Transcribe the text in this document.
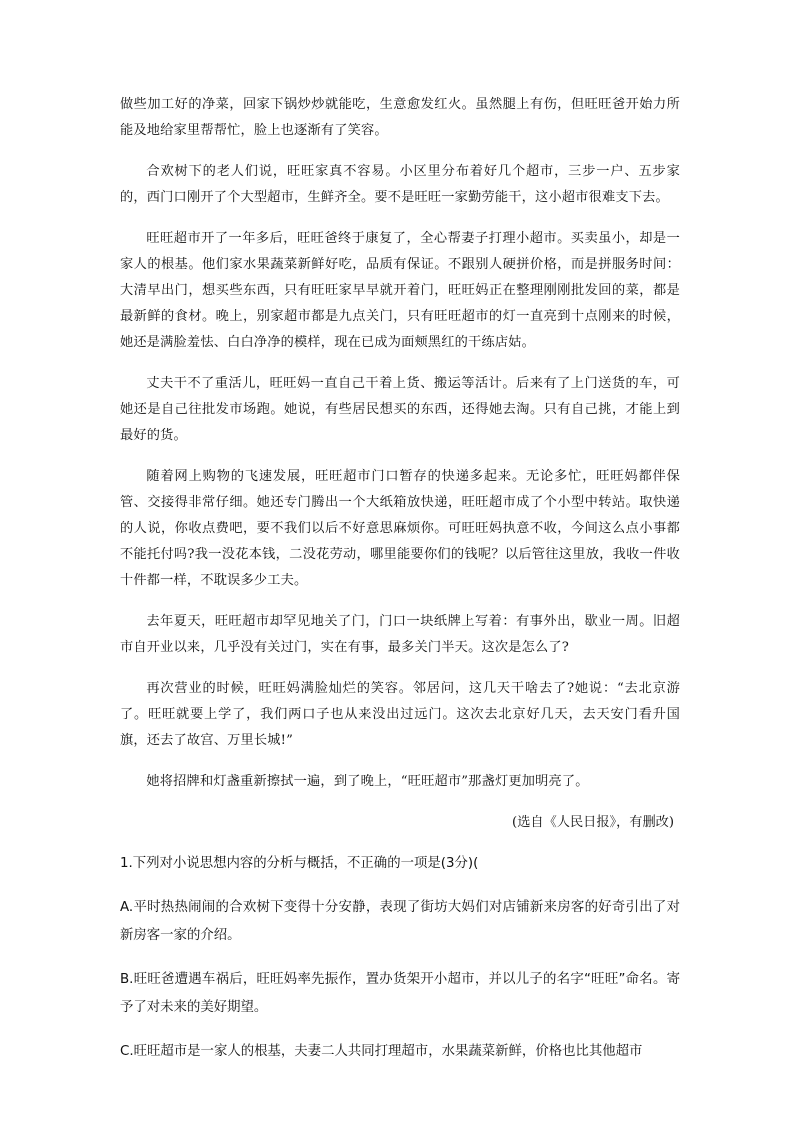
做些加工好的净菜，回家下锅炒炒就能吃，生意愈发红火。虽然腿上有伤，但旺旺爸开始力所能及地给家里帮帮忙，脸上也逐渐有了笑容。

合欢树下的老人们说，旺旺家真不容易。小区里分布着好几个超市，三步一户、五步家的，西门口刚开了个大型超市，生鲜齐全。要不是旺旺一家勤劳能干，这小超市很难支下去。

旺旺超市开了一年多后，旺旺爸终于康复了，全心帮妻子打理小超市。买卖虽小，却是一家人的根基。他们家水果蔬菜新鲜好吃，品质有保证。不跟别人硬拼价格，而是拼服务时间：大清早出门，想买些东西，只有旺旺家早早就开着门，旺旺妈正在整理刚刚批发回的菜，都是最新鲜的食材。晚上，别家超市都是九点关门，只有旺旺超市的灯一直亮到十点刚来的时候，她还是满脸羞怯、白白净净的模样，现在已成为面颊黑红的干练店姑。

丈夫干不了重活儿，旺旺妈一直自己干着上货、搬运等活计。后来有了上门送货的车，可她还是自己往批发市场跑。她说，有些居民想买的东西，还得她去淘。只有自己挑，才能上到最好的货。

随着网上购物的飞速发展，旺旺超市门口暂存的快递多起来。无论多忙，旺旺妈都伴保管、交接得非常仔细。她还专门腾出一个大纸箱放快递，旺旺超市成了个小型中转站。取快递的人说，你收点费吧，要不我们以后不好意思麻烦你。可旺旺妈执意不收，今间这么点小事都不能托付吗?我一没花本钱，二没花劳动，哪里能要你们的钱呢？以后管往这里放，我收一件收十件都一样，不耽误多少工夫。

去年夏天，旺旺超市却罕见地关了门，门口一块纸牌上写着：有事外出，歇业一周。旧超市自开业以来，几乎没有关过门，实在有事，最多关门半天。这次是怎么了?

再次营业的时候，旺旺妈满脸灿烂的笑容。邻居问，这几天干啥去了?她说：“去北京游了。旺旺就要上学了，我们两口子也从来没出过远门。这次去北京好几天，去天安门看升国旗，还去了故宫、万里长城!”

她将招牌和灯盏重新擦拭一遍，到了晚上，“旺旺超市”那盏灯更加明亮了。

(选自《人民日报》，有删改)

1.下列对小说思想内容的分析与概括，不正确的一项是(3分)(

A.平时热热闹闹的合欢树下变得十分安静，表现了街坊大妈们对店铺新来房客的好奇引出了对新房客一家的介绍。

B.旺旺爸遭遇车祸后，旺旺妈率先振作，置办货架开小超市，并以儿子的名字“旺旺”命名。寄予了对未来的美好期望。

C.旺旺超市是一家人的根基，夫妻二人共同打理超市，水果蔬菜新鲜，价格也比其他超市
